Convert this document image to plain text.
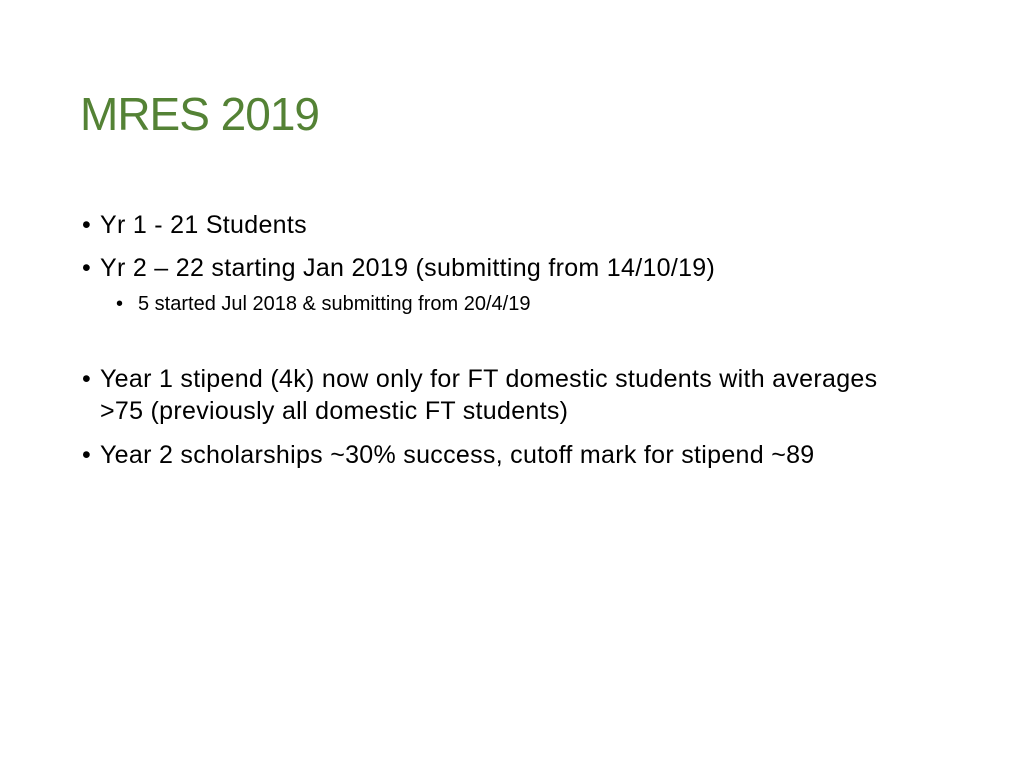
MRES 2019
•
Yr 1 - 21 Students
•
Yr 2 – 22 starting Jan 2019 (submitting from 14/10/19)
•
5 started Jul 2018 & submitting from 20/4/19
•
Year 1 stipend (4k) now only for FT domestic students with averages >75 (previously all domestic FT students)
•
Year 2 scholarships ~30% success, cutoff mark for stipend ~89
